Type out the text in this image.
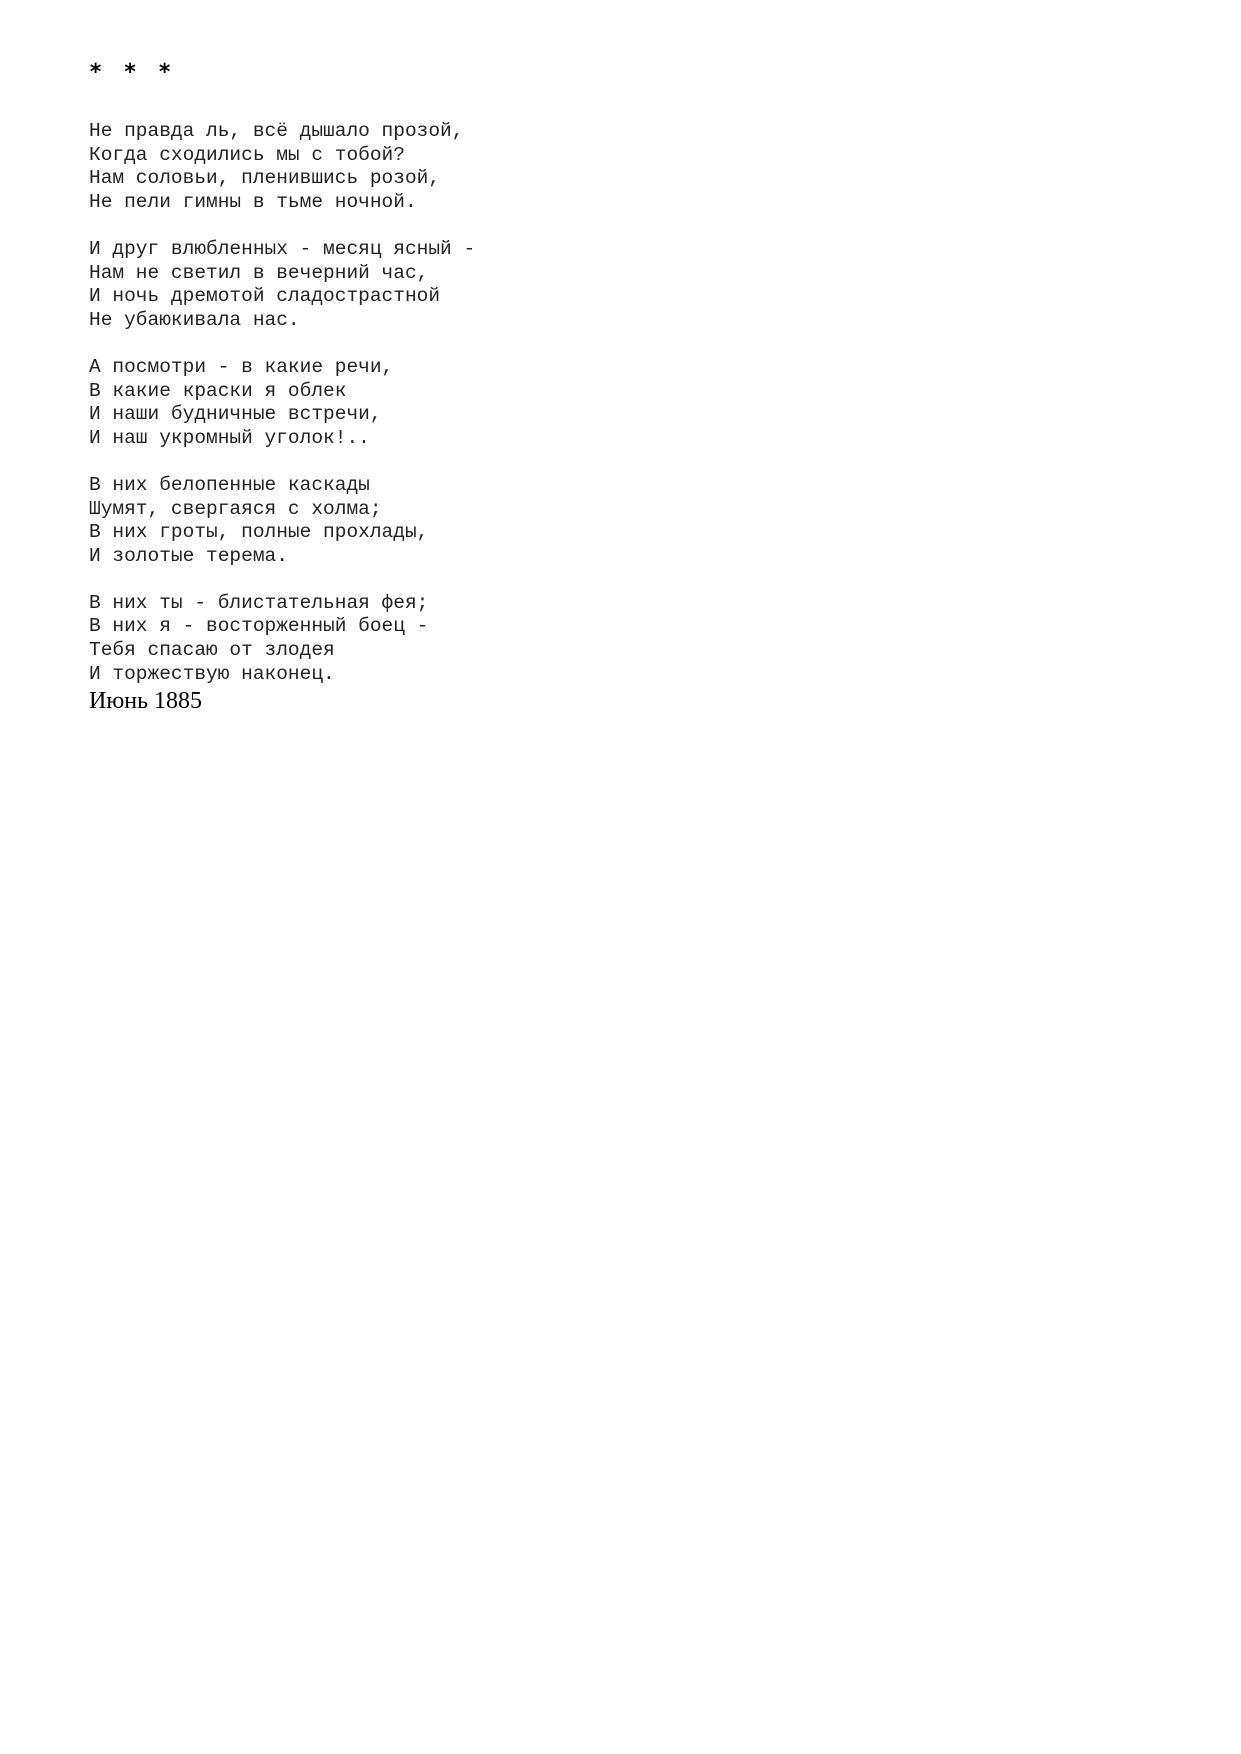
* * *
Не правда ль, всё дышало прозой,
Когда сходились мы с тобой?
Нам соловьи, пленившись розой,
Не пели гимны в тьме ночной.
И друг влюбленных - месяц ясный -
Нам не светил в вечерний час,
И ночь дремотой сладострастной
Не убаюкивала нас.
А посмотри - в какие речи,
В какие краски я облек
И наши будничные встречи,
И наш укромный уголок!..
В них белопенные каскады
Шумят, свергаяся с холма;
В них гроты, полные прохлады,
И золотые терема.
В них ты - блистательная фея;
В них я - восторженный боец -
Тебя спасаю от злодея
И торжествую наконец.
Июнь 1885
